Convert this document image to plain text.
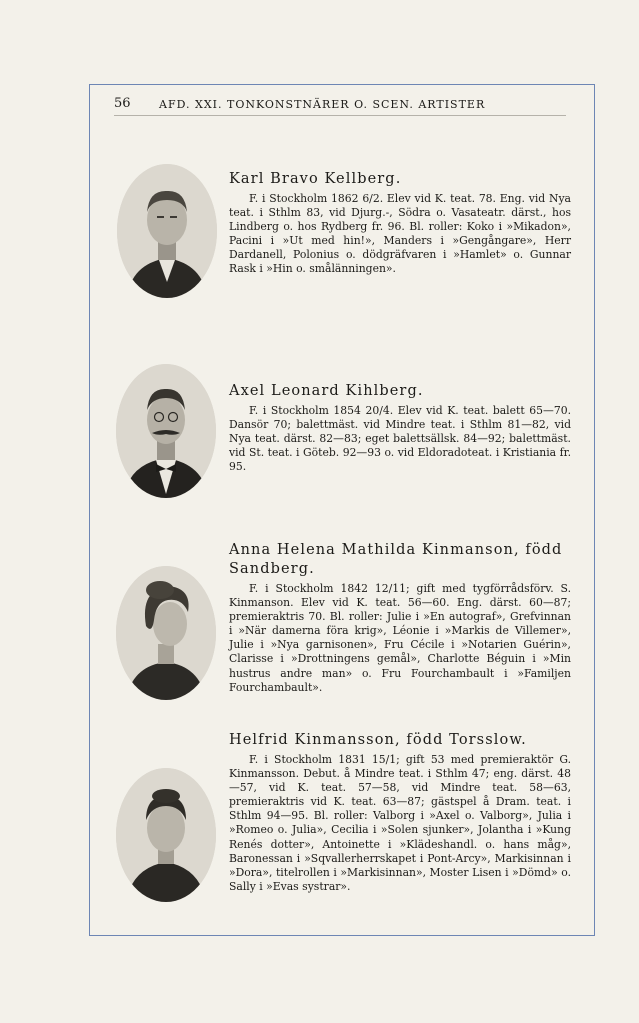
56	AFD. XXI. TONKONSTNÄRER O. SCEN. ARTISTER
Karl Bravo Kellberg.

F. i Stockholm 1862 6/2. Elev vid K. teat. 78. Eng. vid Nya teat. i Sthlm 83, vid Djurg.-, Södra o. Vasateatr. därst., hos Lindberg o. hos Rydberg fr. 96. Bl. roller: Koko i »Mikadon», Pacini i »Ut med hin!», Manders i »Gengångare», Herr Dardanell, Polonius o. dödgräfvaren i »Hamlet» o. Gunnar Rask i »Hin o. smålänningen».

Axel Leonard Kihlberg.

F. i Stockholm 1854 20/4. Elev vid K. teat. balett 65—70. Dansör 70; balettmäst. vid Mindre teat. i Sthlm 81—82, vid Nya teat. därst. 82—83; eget balettsällsk. 84—92; balettmäst. vid St. teat. i Göteb. 92—93 o. vid Eldoradoteat. i Kristiania fr. 95.

Anna Helena Mathilda Kinmanson, född Sandberg.

F. i Stockholm 1842 12/11; gift med tygförrådsförv. S. Kinmanson. Elev vid K. teat. 56—60. Eng. därst. 60—87; premieraktris 70. Bl. roller: Julie i »En autograf», Grefvinnan i »När damerna föra krig», Léonie i »Markis de Villemer», Julie i »Nya garnisonen», Fru Cécile i »Notarien Guérin», Clarisse i »Drottningens gemål», Charlotte Béguin i »Min hustrus andre man» o. Fru Fourchambault i »Familjen Fourchambault».

Helfrid Kinmansson, född Torsslow.

F. i Stockholm 1831 15/1; gift 53 med premieraktör G. Kinmansson. Debut. å Mindre teat. i Sthlm 47; eng. därst. 48—57, vid K. teat. 57—58, vid Mindre teat. 58—63, premieraktris vid K. teat. 63—87; gästspel å Dram. teat. i Sthlm 94—95. Bl. roller: Valborg i »Axel o. Valborg», Julia i »Romeo o. Julia», Cecilia i »Solen sjunker», Jolantha i »Kung Renés dotter», Antoinette i »Klädeshandl. o. hans måg», Baronessan i »Sqvallerherrskapet i Pont-Arcy», Markisinnan i »Dora», titelrollen i »Markisinnan», Moster Lisen i »Dömd» o. Sally i »Evas systrar».
